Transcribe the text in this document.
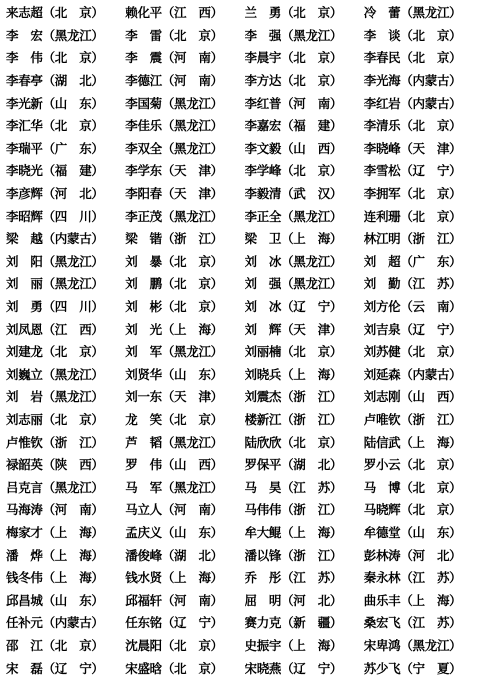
来志超（北　京）	赖化平（江　西）	兰　勇（北　京）	冷　蕾（黑龙江）
李　宏（黑龙江）	李　雷（北　京）	李　强（黑龙江）	李　谈（北　京）
李　伟（北　京）	李　震（河　南）	李晨宇（北　京）	李春民（北　京）
李春亭（湖　北）	李德江（河　南）	李方达（北　京）	李光海（内蒙古）
李光新（山　东）	李国菊（黑龙江）	李红普（河　南）	李红岩（内蒙古）
李汇华（北　京）	李佳乐（黑龙江）	李嘉宏（福　建）	李清乐（北　京）
李瑞平（广　东）	李双全（黑龙江）	李文毅（山　西）	李晓峰（天　津）
李晓光（福　建）	李学东（天　津）	李学峰（北　京）	李雪松（辽　宁）
李彦辉（河　北）	李阳春（天　津）	李毅清（武　汉）	李拥军（北　京）
李昭辉（四　川）	李正茂（黑龙江）	李正全（黑龙江）	连利珊（北　京）
梁　越（内蒙古）	梁　锴（浙　江）	梁　卫（上　海）	林江明（浙　江）
刘　阳（黑龙江）	刘　暴（北　京）	刘　冰（黑龙江）	刘　超（广　东）
刘　丽（黑龙江）	刘　鹏（北　京）	刘　强（黑龙江）	刘　勤（江　苏）
刘　勇（四　川）	刘　彬（北　京）	刘　冰（辽　宁）	刘方伦（云　南）
刘凤恩（江　西）	刘　光（上　海）	刘　辉（天　津）	刘吉泉（辽　宁）
刘建龙（北　京）	刘　军（黑龙江）	刘丽楠（北　京）	刘苏健（北　京）
刘巍立（黑龙江）	刘贤华（山　东）	刘晓兵（上　海）	刘延森（内蒙古）
刘　岩（黑龙江）	刘一东（天　津）	刘震杰（浙　江）	刘志刚（山　西）
刘志丽（北　京）	龙　笑（北　京）	楼新江（浙　江）	卢唯钦（浙　江）
卢惟钦（浙　江）	芦　韬（黑龙江）	陆欣欣（北　京）	陆信武（上　海）
禄韶英（陕　西）	罗　伟（山　西）	罗保平（湖　北）	罗小云（北　京）
吕克言（黑龙江）	马　军（黑龙江）	马　昊（江　苏）	马　博（北　京）
马海涛（河　南）	马立人（河　南）	马伟伟（浙　江）	马晓辉（北　京）
梅家才（上　海）	孟庆义（山　东）	牟大鲲（上　海）	牟德堂（山　东）
潘　烨（上　海）	潘俊峰（湖　北）	潘以锋（浙　江）	彭林涛（河　北）
钱冬伟（上　海）	钱水贤（上　海）	乔　彤（江　苏）	秦永林（江　苏）
邱昌城（山　东）	邱福轩（河　南）	屈　明（河　北）	曲乐丰（上　海）
任补元（内蒙古）	任东铭（辽　宁）	赛力克（新　疆）	桑宏飞（江　苏）
邵　江（北　京）	沈晨阳（北　京）	史振宇（上　海）	宋卑鸿（黑龙江）
宋　磊（辽　宁）	宋盛晗（北　京）	宋晓燕（辽　宁）	苏少飞（宁　夏）
